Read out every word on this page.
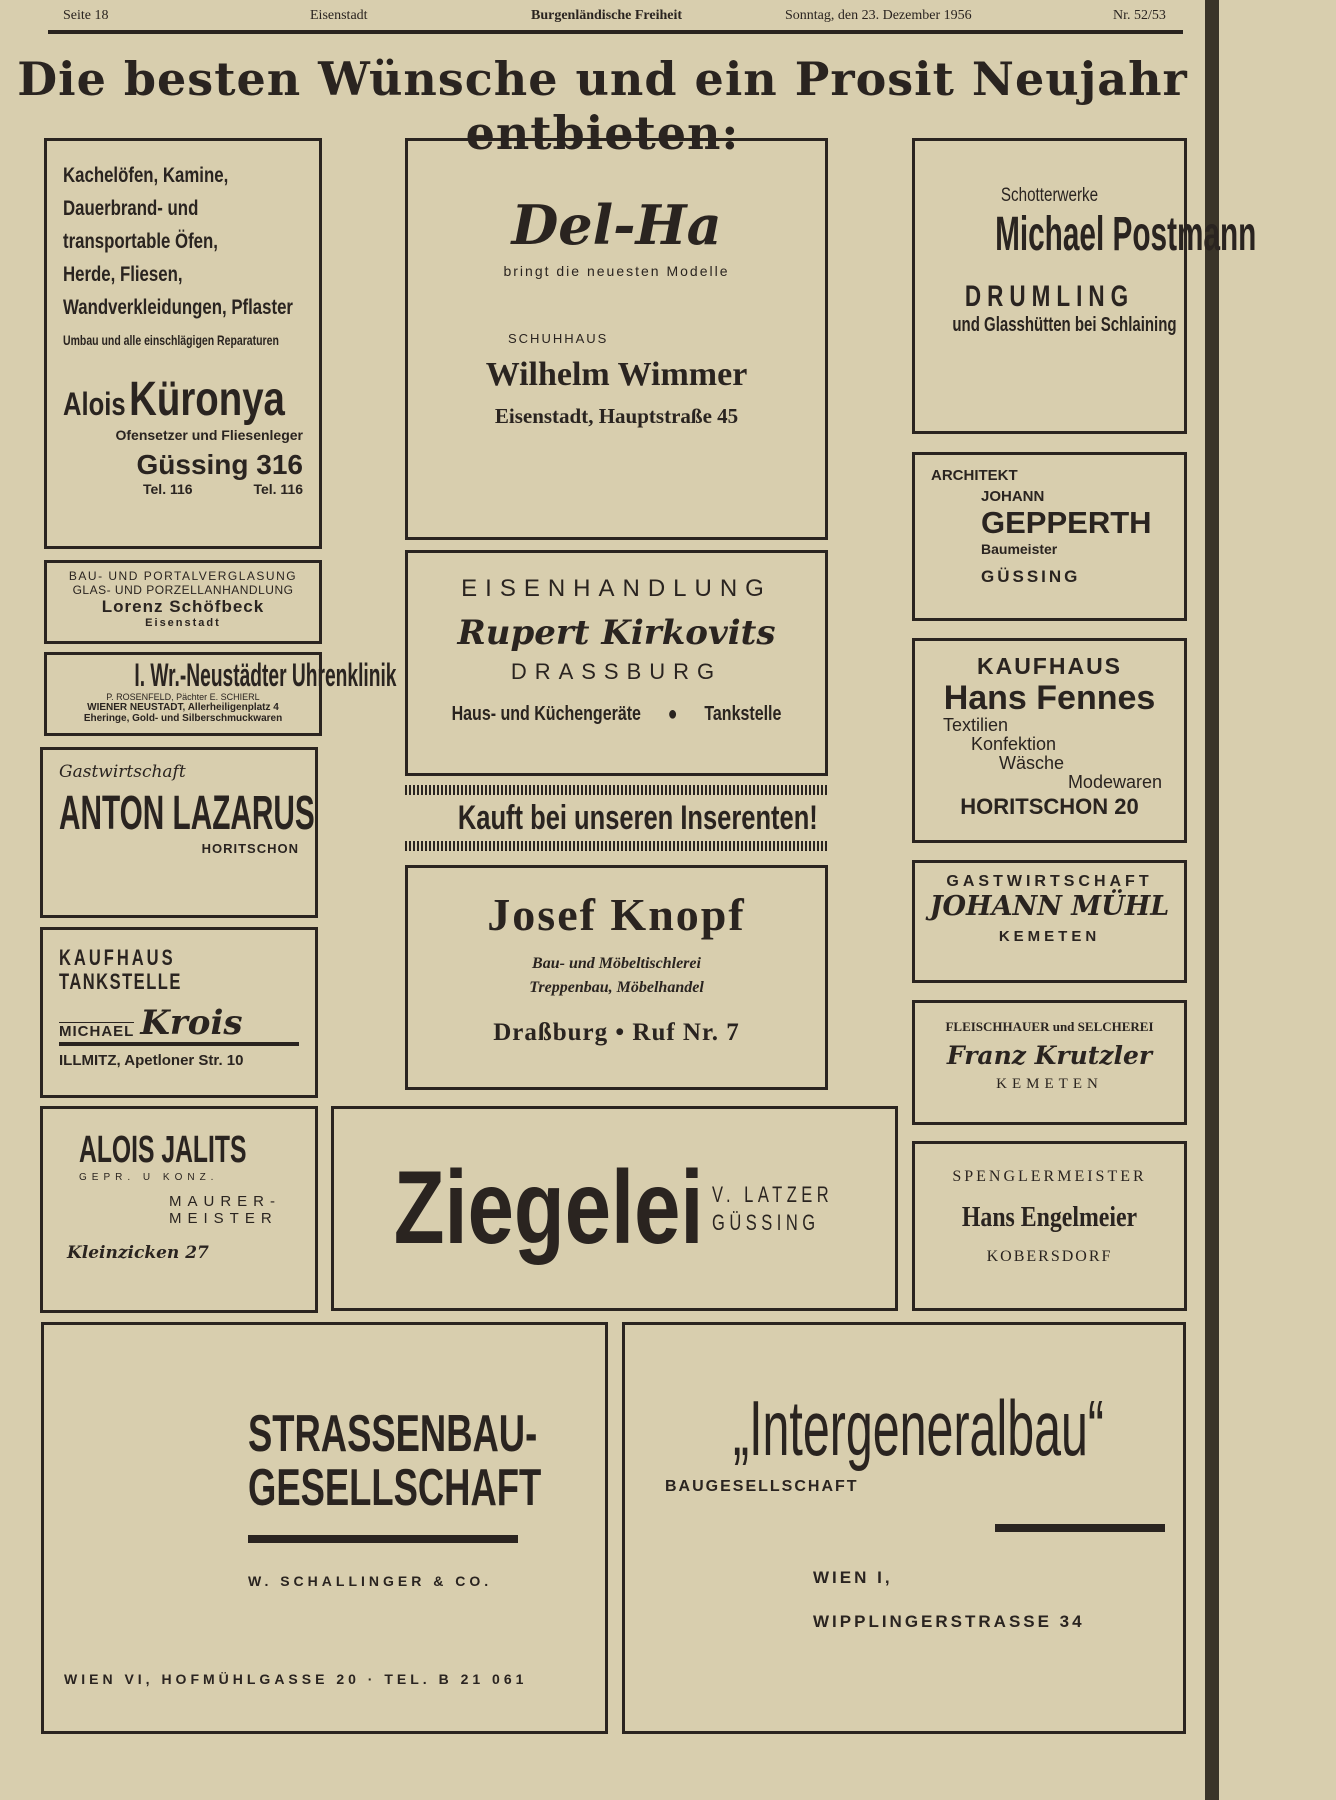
Seite 18	Eisenstadt	Burgenländische Freiheit	Sonntag, den 23. Dezember 1956	Nr. 52/53
Die besten Wünsche und ein Prosit Neujahr entbieten:
Kachelöfen, Kamine,
Dauerbrand- und
transportable Öfen,
Herde, Fliesen,
Wandverkleidungen, Pflaster
Umbau und alle einschlägigen Reparaturen
Alois Küronya
Ofensetzer und Fliesenleger
Güssing 316
Tel. 116	Tel. 116
BAU- UND PORTALVERGLASUNG
GLAS- UND PORZELLANHANDLUNG
Lorenz Schöfbeck
Eisenstadt
I. Wr.-Neustädter Uhrenklinik
P. ROSENFELD, Pächter E. SCHIERL
WIENER NEUSTADT, Allerheiligenplatz 4
Eheringe, Gold- und Silberschmuckwaren
Gastwirtschaft
ANTON LAZARUS
HORITSCHON
KAUFHAUS
TANKSTELLE
MICHAEL Krois
ILLMITZ, Apetloner Str. 10
ALOIS JALITS
GEPR. U KONZ.
MAURER-
MEISTER
Kleinzicken 27
Del-Ha
bringt die neuesten Modelle
SCHUHHAUS
Wilhelm Wimmer
Eisenstadt, Hauptstraße 45
EISENHANDLUNG
Rupert Kirkovits
DRASSBURG
Haus- und Küchengeräte ● Tankstelle
Kauft bei unseren Inserenten!
Josef Knopf
Bau- und Möbeltischlerei
Treppenbau, Möbelhandel
Draßburg • Ruf Nr. 7
Ziegelei V. LATZER
GÜSSING
Schotterwerke
Michael Postmann
DRUMLING
und Glasshütten bei Schlaining
ARCHITEKT
JOHANN
GEPPERTH
Baumeister
GÜSSING
KAUFHAUS
Hans Fennes
Textilien
Konfektion
Wäsche
Modewaren
HORITSCHON 20
GASTWIRTSCHAFT
JOHANN MÜHL
KEMETEN
FLEISCHHAUER und SELCHEREI
Franz Krutzler
KEMETEN
SPENGLERMEISTER
Hans Engelmeier
KOBERSDORF
STRASSENBAU-
GESELLSCHAFT
W. SCHALLINGER & CO.
WIEN VI, HOFMÜHLGASSE 20 · TEL. B 21 061
„Intergeneralbau“
BAUGESELLSCHAFT
WIEN I,
WIPPLINGERSTRASSE 34
